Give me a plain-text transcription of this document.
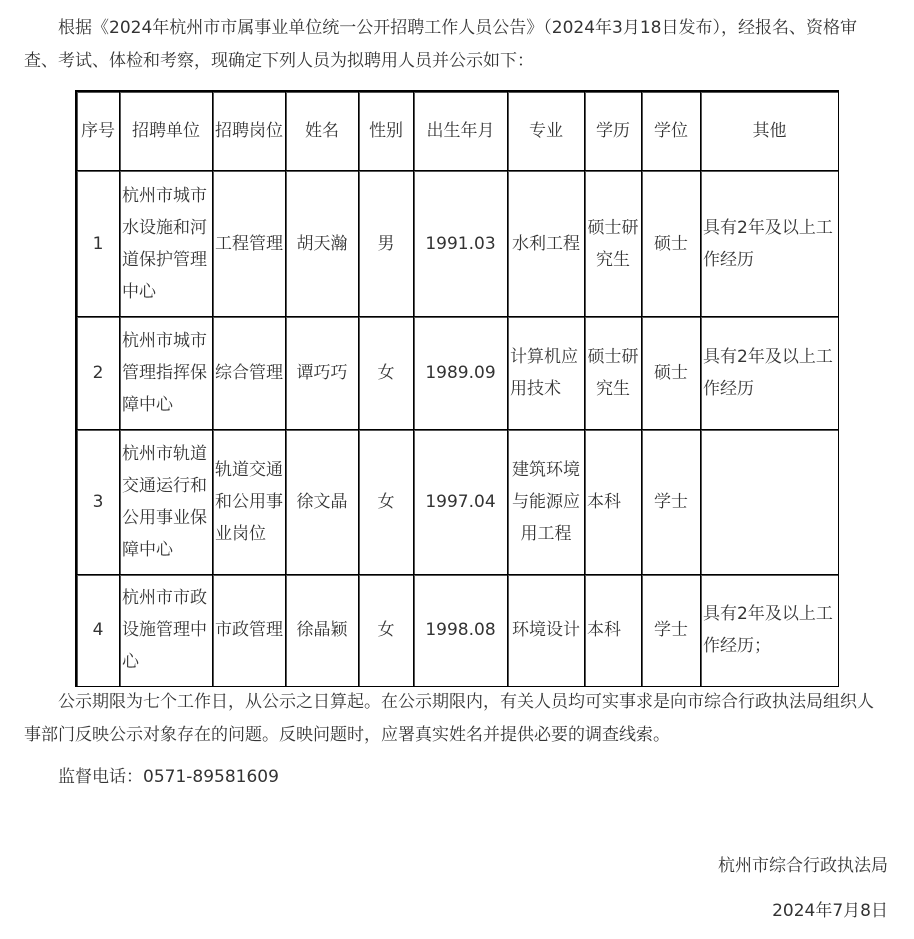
根据《2024年杭州市市属事业单位统一公开招聘工作人员公告》（2024年3月18日发布），经报名、资格审查、考试、体检和考察，现确定下列人员为拟聘用人员并公示如下：

序号	招聘单位	招聘岗位	姓名	性别	出生年月	专业	学历	学位	其他
1	杭州市城市水设施和河道保护管理中心	工程管理	胡天瀚	男	1991.03	水利工程	硕士研究生	硕士	具有2年及以上工作经历
2	杭州市城市管理指挥保障中心	综合管理	谭巧巧	女	1989.09	计算机应用技术	硕士研究生	硕士	具有2年及以上工作经历
3	杭州市轨道交通运行和公用事业保障中心	轨道交通和公用事业岗位	徐文晶	女	1997.04	建筑环境与能源应用工程	本科	学士	
4	杭州市市政设施管理中心	市政管理	徐晶颖	女	1998.08	环境设计	本科	学士	具有2年及以上工作经历；

公示期限为七个工作日，从公示之日算起。在公示期限内，有关人员均可实事求是向市综合行政执法局组织人事部门反映公示对象存在的问题。反映问题时，应署真实姓名并提供必要的调查线索。

监督电话：0571-89581609

杭州市综合行政执法局

2024年7月8日
